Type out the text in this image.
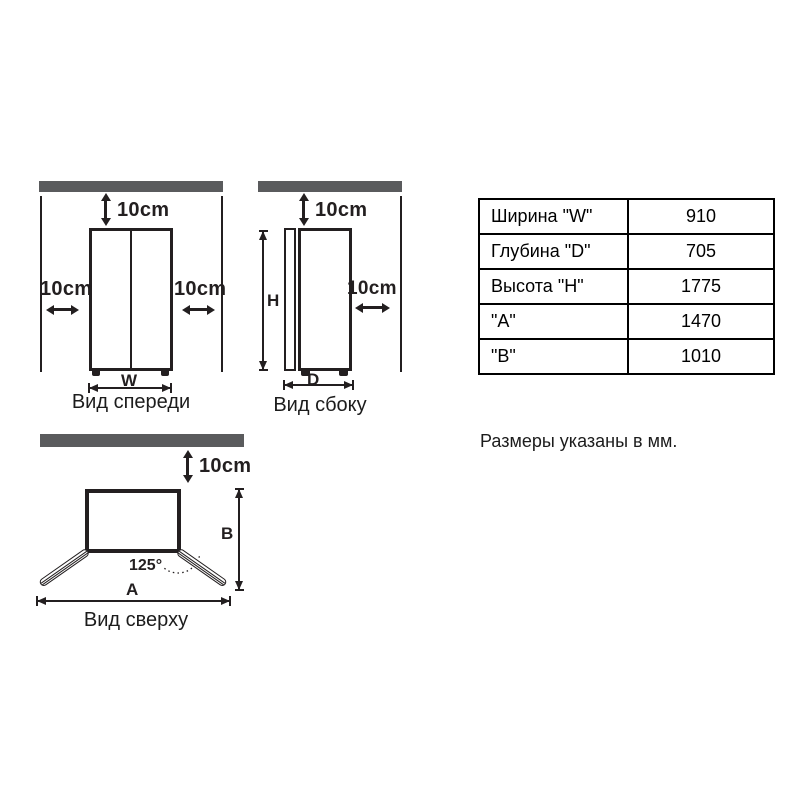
10cm
10cm	10cm
W
Вид спереди
10cm
H
10cm
D
Вид сбоку
10cm
125°
B
A
Вид сверху
Ширина "W"	910
Глубина "D"	705
Высота "H"	1775
"A"	1470
"B"	1010
Размеры указаны в мм.
